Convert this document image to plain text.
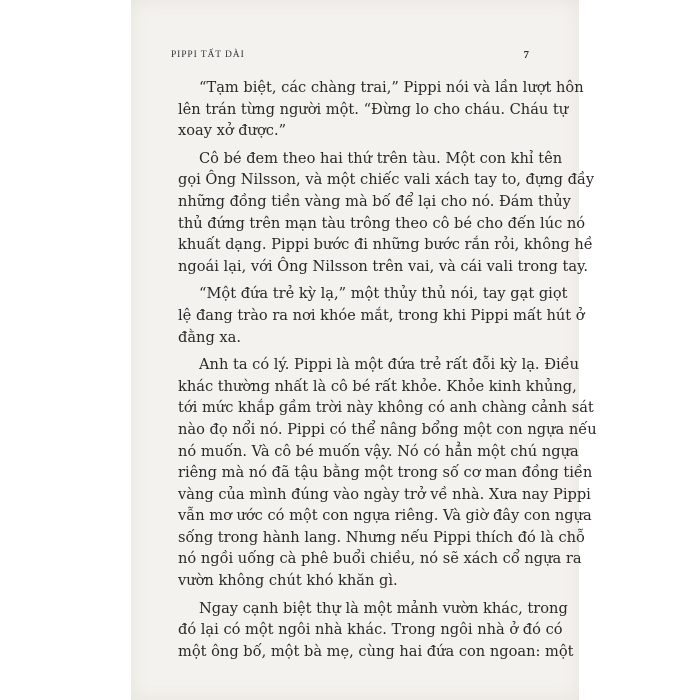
PIPPI TẤT DÀI	7
“Tạm biệt, các chàng trai,” Pippi nói và lần lượt hôn
lên trán từng người một. “Đừng lo cho cháu. Cháu tự
xoay xở được.”
Cô bé đem theo hai thứ trên tàu. Một con khỉ tên
gọi Ông Nilsson, và một chiếc vali xách tay to, đựng đầy
những đồng tiền vàng mà bố để lại cho nó. Đám thủy
thủ đứng trên mạn tàu trông theo cô bé cho đến lúc nó
khuất dạng. Pippi bước đi những bước rắn rỏi, không hề
ngoái lại, với Ông Nilsson trên vai, và cái vali trong tay.
“Một đứa trẻ kỳ lạ,” một thủy thủ nói, tay gạt giọt
lệ đang trào ra nơi khóe mắt, trong khi Pippi mất hút ở
đằng xa.
Anh ta có lý. Pippi là một đứa trẻ rất đỗi kỳ lạ. Điều
khác thường nhất là cô bé rất khỏe. Khỏe kinh khủng,
tới mức khắp gầm trời này không có anh chàng cảnh sát
nào đọ nổi nó. Pippi có thể nâng bổng một con ngựa nếu
nó muốn. Và cô bé muốn vậy. Nó có hẳn một chú ngựa
riêng mà nó đã tậu bằng một trong số cơ man đồng tiền
vàng của mình đúng vào ngày trở về nhà. Xưa nay Pippi
vẫn mơ ước có một con ngựa riêng. Và giờ đây con ngựa
sống trong hành lang. Nhưng nếu Pippi thích đó là chỗ
nó ngồi uống cà phê buổi chiều, nó sẽ xách cổ ngựa ra
vườn không chút khó khăn gì.
Ngay cạnh biệt thự là một mảnh vườn khác, trong
đó lại có một ngôi nhà khác. Trong ngôi nhà ở đó có
một ông bố, một bà mẹ, cùng hai đứa con ngoan: một
